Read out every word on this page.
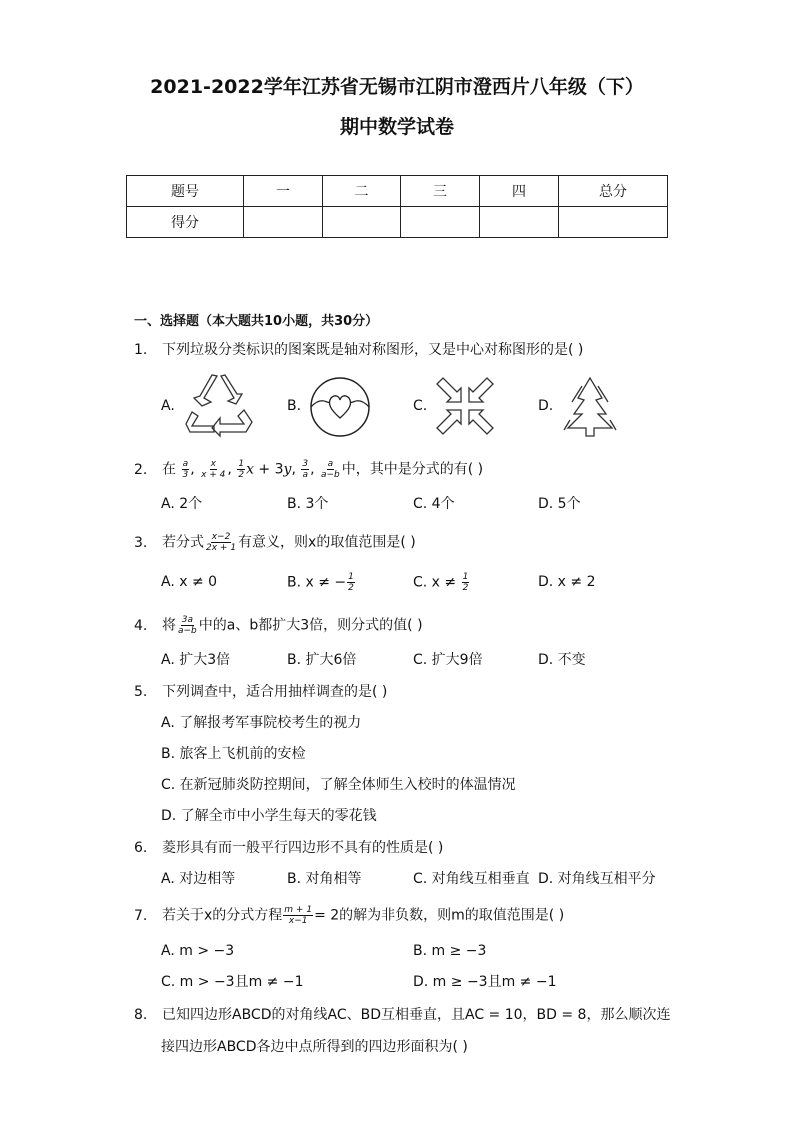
2021-2022学年江苏省无锡市江阴市澄西片八年级（下）
期中数学试卷
题号	一	二	三	四	总分
得分					
一、选择题（本大题共10小题，共30分）
1. 下列垃圾分类标识的图案既是轴对称图形，又是中心对称图形的是( )
A.	B.	C.	D.
2. 在 $\frac{a}{3}$ , $\frac{x}{x + 4}$ , $\frac{1}{2}$ x + 3y, $\frac{3}{a}$ , $\frac{a}{a-b}$ 中，其中是分式的有( )
A. 2个	B. 3个	C. 4个	D. 5个
3. 若分式 $\frac{x-2}{2x + 1}$ 有意义，则x的取值范围是( )
A. x ≠ 0	B. x ≠ − $\frac{1}{2}$	C. $x \ne \frac{1}{2}$	D. x ≠ 2
4. 将 $\frac{3a}{a-b}$ 中的a、b都扩大3倍，则分式的值( )
A. 扩大3倍	B. 扩大6倍	C. 扩大9倍	D. 不变
5. 下列调查中，适合用抽样调查的是( )
A. 了解报考军事院校考生的视力
B. 旅客上飞机前的安检
C. 在新冠肺炎防控期间，了解全体师生入校时的体温情况
D. 了解全市中小学生每天的零花钱
6. 菱形具有而一般平行四边形不具有的性质是( )
A. 对边相等	B. 对角相等	C. 对角线互相垂直 D. 对角线互相平分
7. 若关于x的分式方程 $\frac{m + 1}{x-1} = 2$的解为非负数，则m的取值范围是( )
A. m > −3	B. m ≥ −3
C. m > −3且m ≠ −1	D. m ≥ −3且m ≠ −1
8. 已知四边形ABCD的对角线AC、BD互相垂直，且AC = 10，BD = 8，那么顺次连
接四边形ABCD各边中点所得到的四边形面积为( )
